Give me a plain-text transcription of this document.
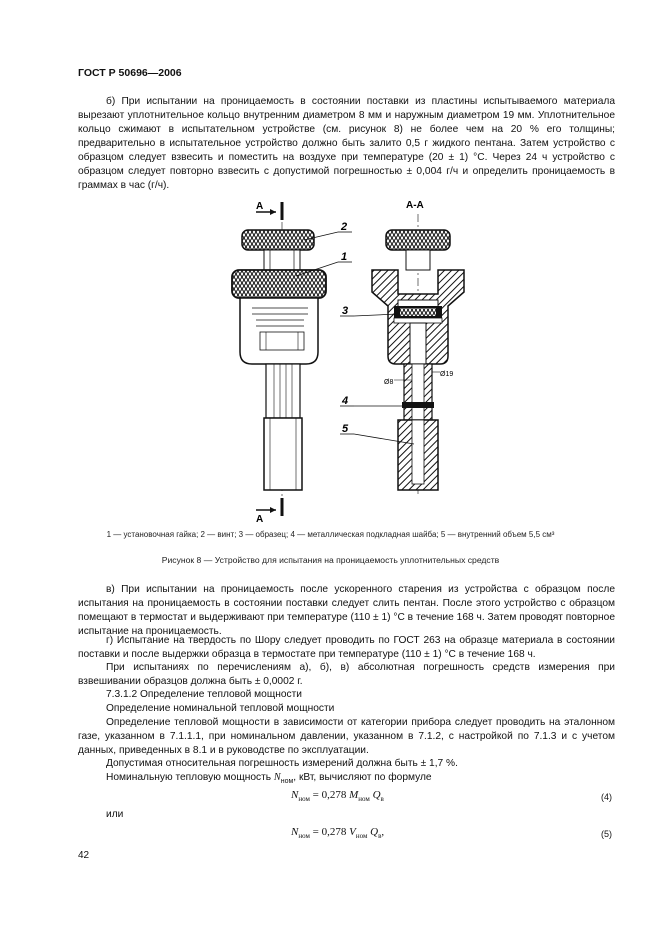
ГОСТ Р 50696—2006
б) При испытании на проницаемость в состоянии поставки из пластины испытываемого материала вырезают уплотнительное кольцо внутренним диаметром 8 мм и наружным диаметром 19 мм. Уплотнительное кольцо сжимают в испытательном устройстве (см. рисунок 8) не более чем на 20 % его толщины; предварительно в испытательное устройство должно быть залито 0,5 г жидкого пентана. Затем устройство с образцом следует взвесить и поместить на воздухе при температуре (20 ± 1) °С. Через 24 ч устройство с образцом следует повторно взвесить с допустимой погрешностью ± 0,004 г/ч и определить проницаемость в граммах в час (г/ч).
А
А
А-А
Ø8
Ø19
2
1
3
4
5
1 — установочная гайка; 2 — винт; 3 — образец; 4 — металлическая подкладная шайба; 5 — внутренний объем 5,5 см³
Рисунок 8 — Устройство для испытания на проницаемость уплотнительных средств
в) При испытании на проницаемость после ускоренного старения из устройства с образцом после испытания на проницаемость в состоянии поставки следует слить пентан. После этого устройство с образцом помещают в термостат и выдерживают при температуре (110 ± 1) °С в течение 168 ч. Затем проводят повторное испытание на проницаемость.
г) Испытание на твердость по Шору следует проводить по ГОСТ 263 на образце материала в состоянии поставки и после выдержки образца в термостате при температуре (110 ± 1) °С в течение 168 ч.
При испытаниях по перечислениям а), б), в) абсолютная погрешность средств измерения при взвешивании образцов должна быть ± 0,0002 г.
7.3.1.2 Определение тепловой мощности
Определение номинальной тепловой мощности
Определение тепловой мощности в зависимости от категории прибора следует проводить на эталонном газе, указанном в 7.1.1.1, при номинальном давлении, указанном в 7.1.2, с настройкой по 7.1.3 и с учетом данных, приведенных в 8.1 и в руководстве по эксплуатации.
Допустимая относительная погрешность измерений должна быть ± 1,7 %.
Номинальную тепловую мощность $N_{ном}$, кВт, вычисляют по формуле
$N_{ном} = 0,278$ $M_{ном}$ $Q_в$	(4)
или
$N_{ном} = 0,278$ $V_{ном}$ $Q_в$,	(5)
42
